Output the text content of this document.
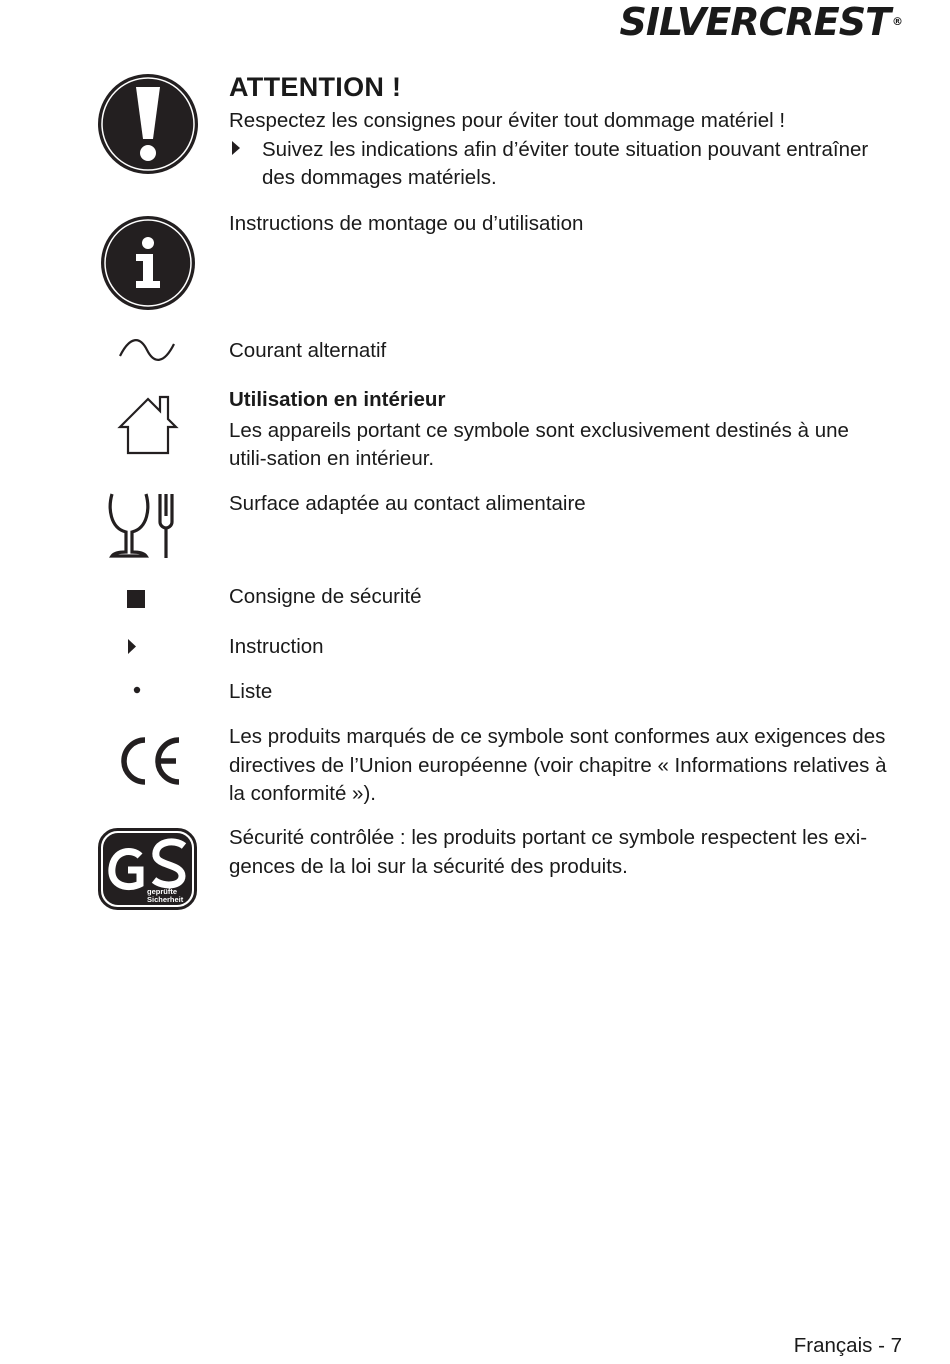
SILVERCREST ®

ATTENTION !

Respectez les consignes pour éviter tout dommage matériel !

Suivez les indications afin d’éviter toute situation pouvant entraîner des dommages matériels.

Instructions de montage ou d’utilisation

Courant alternatif

Utilisation en intérieur

Les appareils portant ce symbole sont exclusivement destinés à une utili-sation en intérieur.

Surface adaptée au contact alimentaire

Consigne de sécurité

Instruction

Liste

Les produits marqués de ce symbole sont conformes aux exigences des directives de l’Union européenne (voir chapitre « Informations relatives à la conformité »).

geprüfte
Sicherheit

Sécurité contrôlée : les produits portant ce symbole respectent les exi-gences de la loi sur la sécurité des produits.

Français - 7
